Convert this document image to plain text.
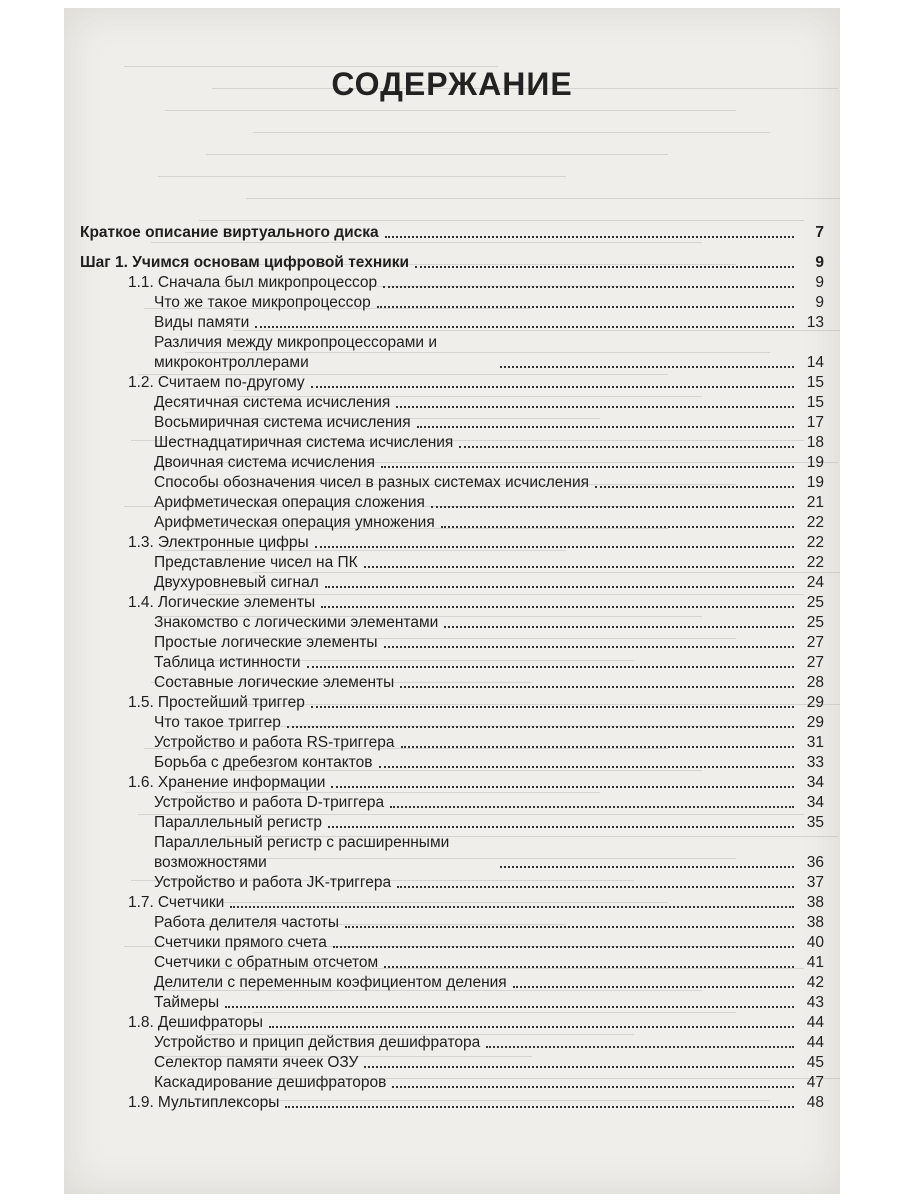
СОДЕРЖАНИЕ
Краткое описание виртуального диска	7
Шаг 1. Учимся основам цифровой техники	9
1.1. Сначала был микропроцессор	9
Что же такое микропроцессор	9
Виды памяти	13
Различия между микропроцессорами и микроконтроллерами	14
1.2. Считаем по-другому	15
Десятичная система исчисления	15
Восьмиричная система исчисления	17
Шестнадцатиричная система исчисления	18
Двоичная система исчисления	19
Способы обозначения чисел в разных системах исчисления	19
Арифметическая операция сложения	21
Арифметическая операция умножения	22
1.3. Электронные цифры	22
Представление чисел на ПК	22
Двухуровневый сигнал	24
1.4. Логические элементы	25
Знакомство с логическими элементами	25
Простые логические элементы	27
Таблица истинности	27
Составные логические элементы	28
1.5. Простейший триггер	29
Что такое триггер	29
Устройство и работа RS-триггера	31
Борьба с дребезгом контактов	33
1.6. Хранение информации	34
Устройство и работа D-триггера	34
Параллельный регистр	35
Параллельный регистр с расширенными возможностями	36
Устройство и работа JK-триггера	37
1.7. Счетчики	38
Работа делителя частоты	38
Счетчики прямого счета	40
Счетчики с обратным отсчетом	41
Делители с переменным коэфициентом деления	42
Таймеры	43
1.8. Дешифраторы	44
Устройство и прицип действия дешифратора	44
Селектор памяти ячеек ОЗУ	45
Каскадирование дешифраторов	47
1.9. Мультиплексоры	48
